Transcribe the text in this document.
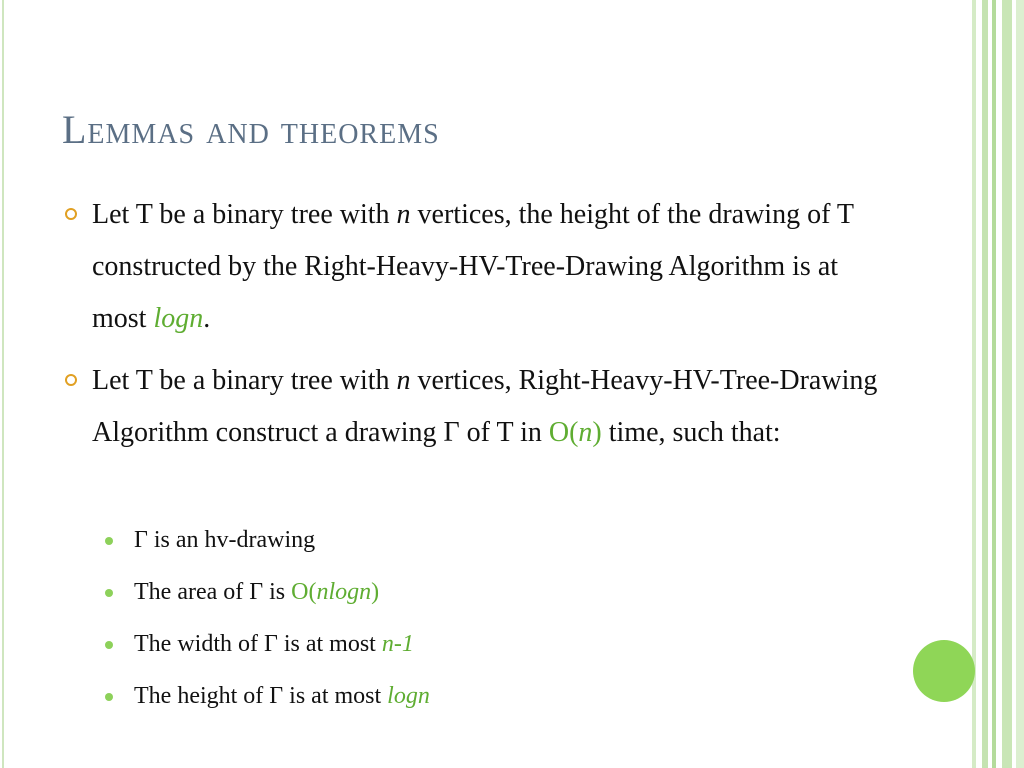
Lemmas and theorems

Let T be a binary tree with n vertices, the height of the drawing of T constructed by the Right-Heavy-HV-Tree-Drawing Algorithm is at most logn.

Let T be a binary tree with n vertices, Right-Heavy-HV-Tree-Drawing Algorithm construct a drawing Γ of T in O(n) time, such that:

Γ is an hv-drawing

The area of Γ is O(nlogn)

The width of Γ is at most n-1

The height of Γ is at most logn
